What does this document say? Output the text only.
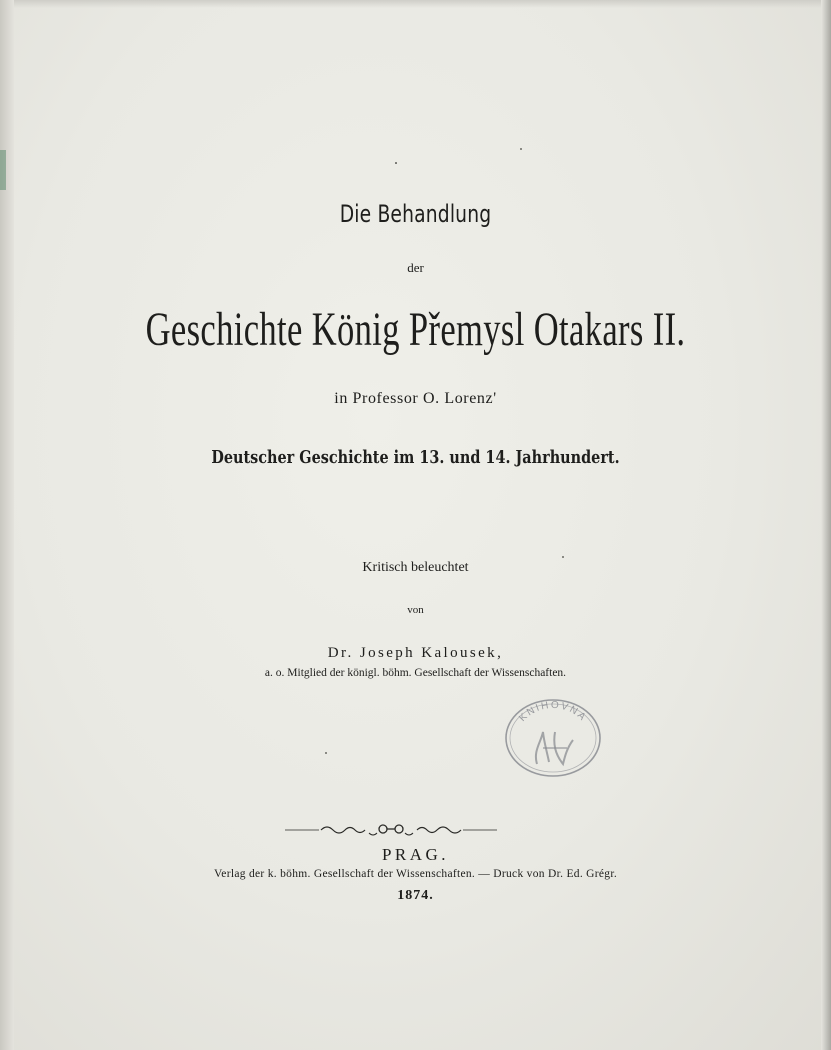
Die Behandlung
der
Geschichte König Přemysl Otakars II.
in Professor O. Lorenz'
Deutscher Geschichte im 13. und 14. Jahrhundert.
Kritisch beleuchtet
von
Dr. Joseph Kalousek,
a. o. Mitglied der königl. böhm. Gesellschaft der Wissenschaften.
PRAG.
Verlag der k. böhm. Gesellschaft der Wissenschaften. — Druck von Dr. Ed. Grégr.
1874.
KNIHOVNA
